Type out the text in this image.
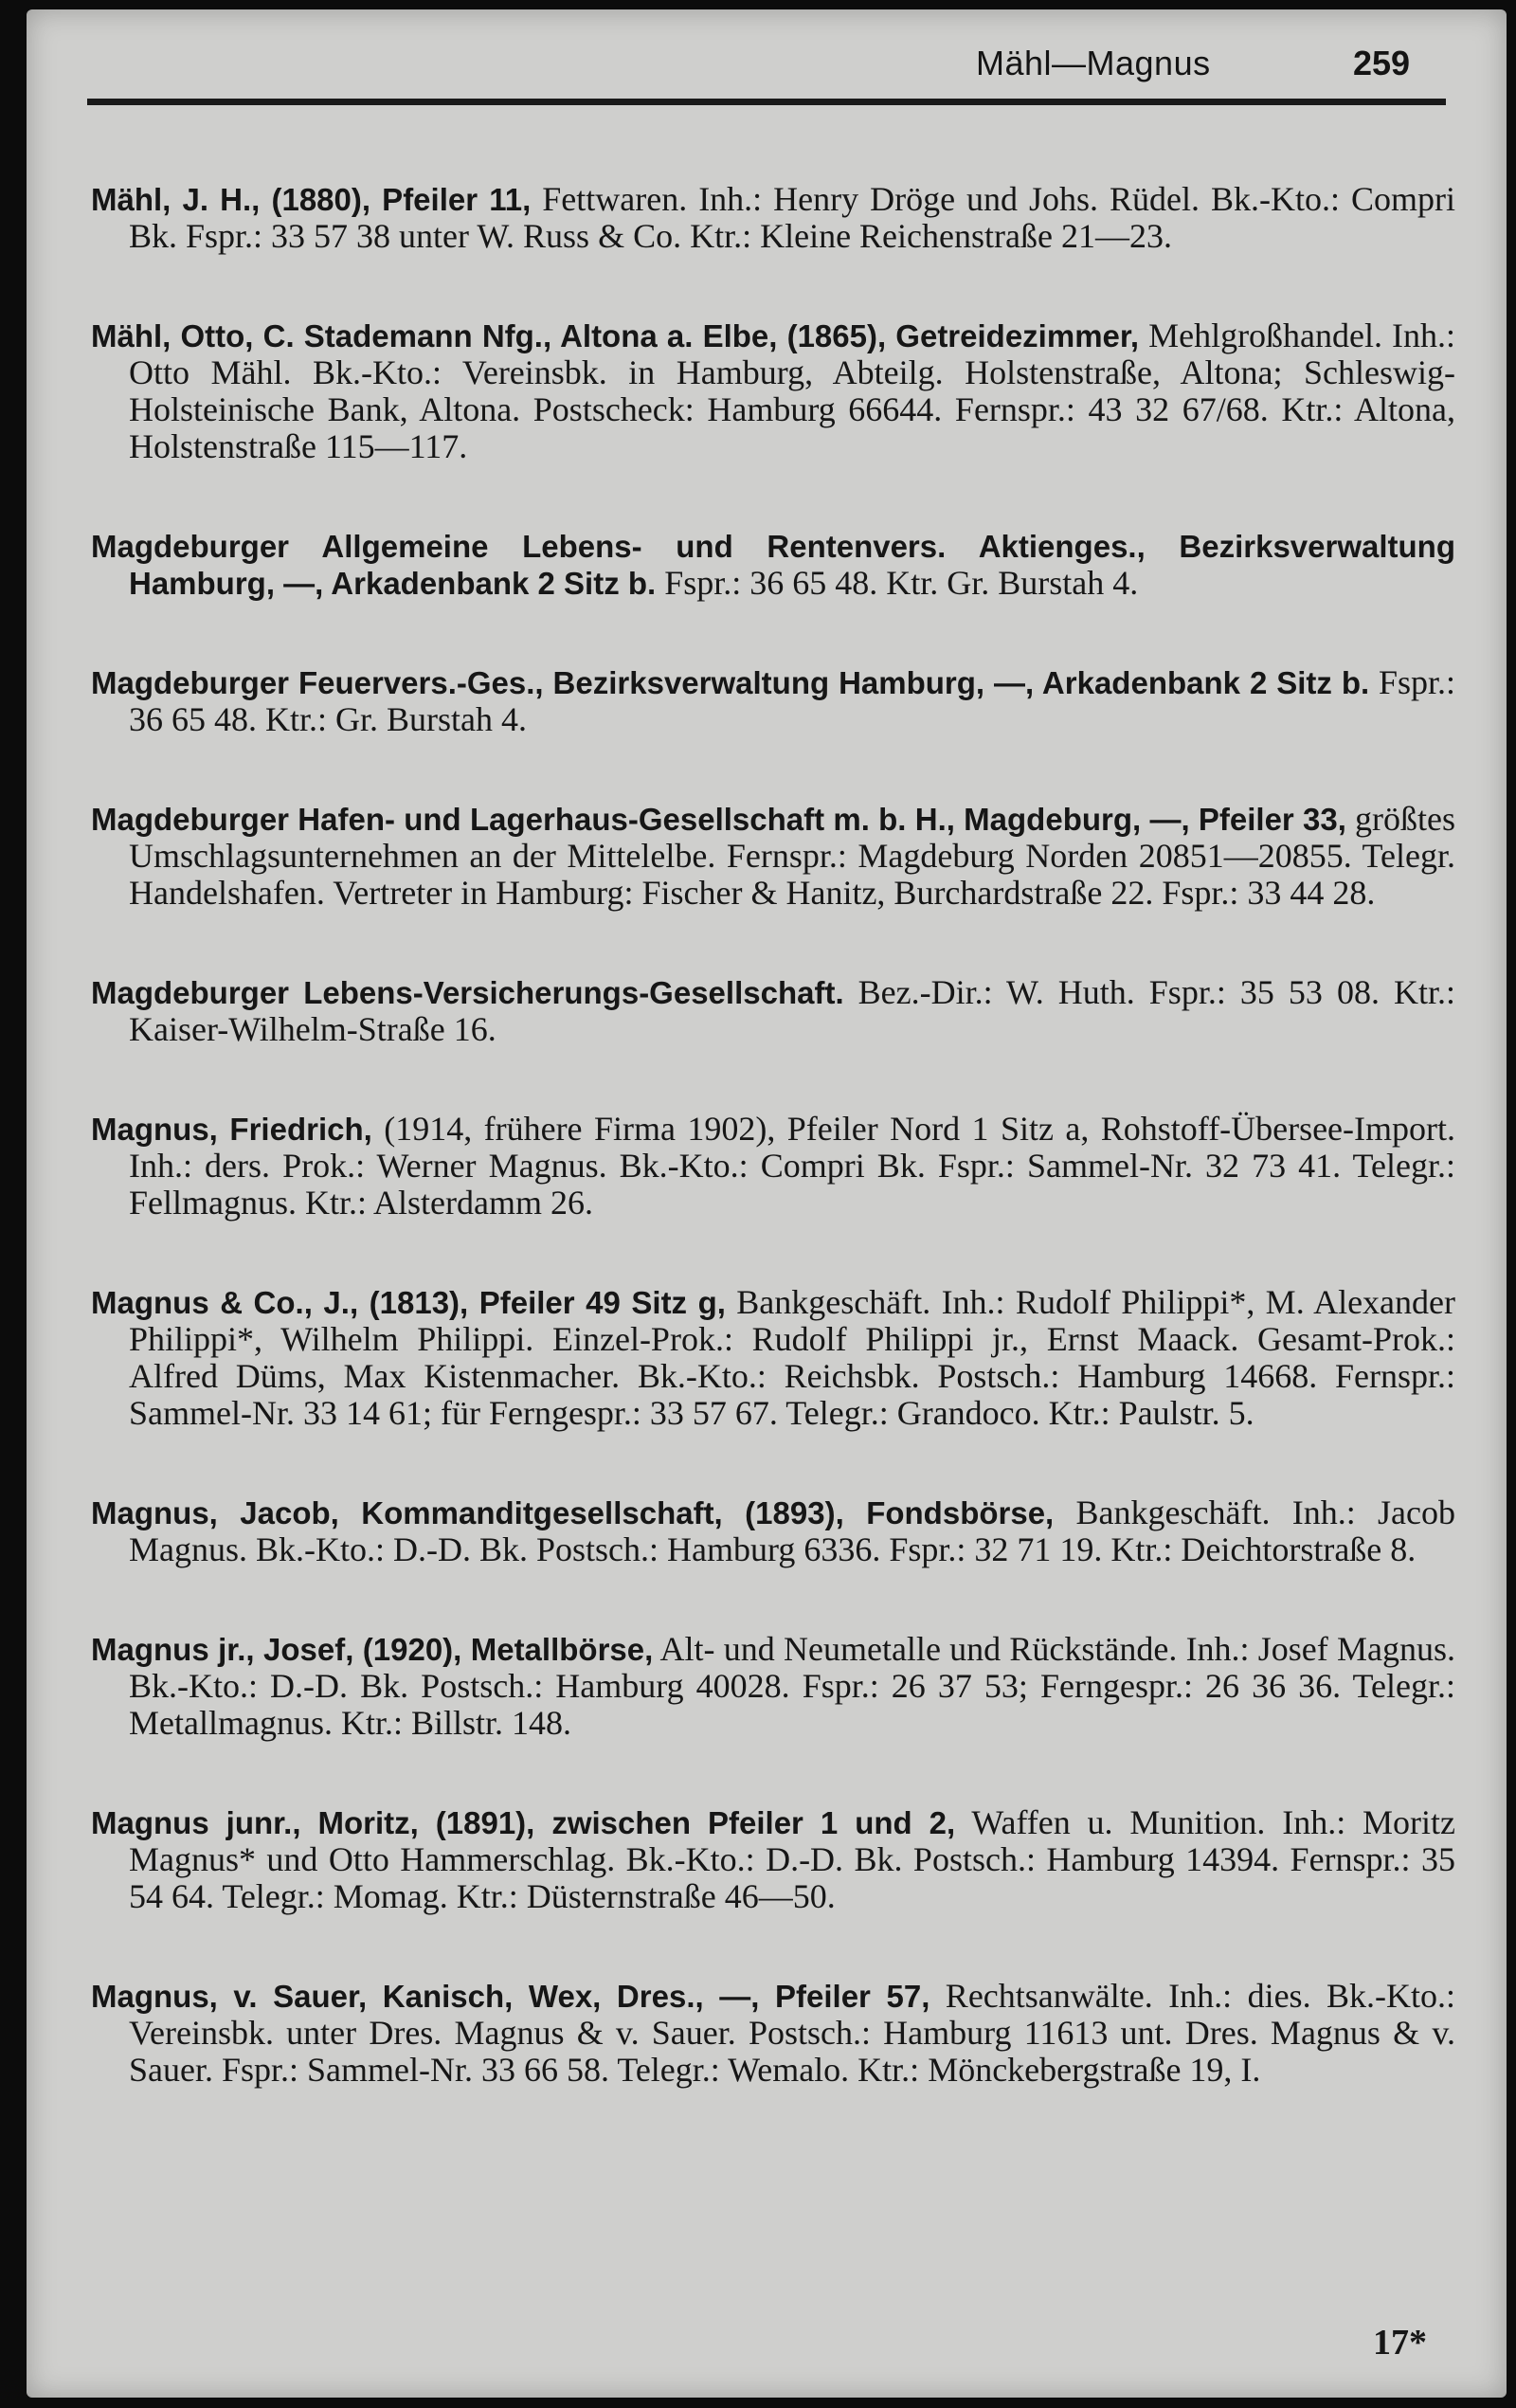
Mähl—Magnus	259

Mähl, J. H., (1880), Pfeiler 11, Fettwaren. Inh.: Henry Dröge und Johs. Rüdel. Bk.-Kto.: Compri Bk. Fspr.: 33 57 38 unter W. Russ & Co. Ktr.: Kleine Reichenstraße 21—23.

Mähl, Otto, C. Stademann Nfg., Altona a. Elbe, (1865), Getreidezimmer, Mehlgroßhandel. Inh.: Otto Mähl. Bk.-Kto.: Vereinsbk. in Hamburg, Abteilg. Holstenstraße, Altona; Schleswig-Holsteinische Bank, Altona. Postscheck: Hamburg 66644. Fernspr.: 43 32 67/68. Ktr.: Altona, Holstenstraße 115—117.

Magdeburger Allgemeine Lebens- und Rentenvers. Aktienges., Bezirksverwaltung Hamburg, —, Arkadenbank 2 Sitz b. Fspr.: 36 65 48. Ktr. Gr. Burstah 4.

Magdeburger Feuervers.-Ges., Bezirksverwaltung Hamburg, —, Arkadenbank 2 Sitz b. Fspr.: 36 65 48. Ktr.: Gr. Burstah 4.

Magdeburger Hafen- und Lagerhaus-Gesellschaft m. b. H., Magdeburg, —, Pfeiler 33, größtes Umschlagsunternehmen an der Mittelelbe. Fernspr.: Magdeburg Norden 20851—20855. Telegr. Handelshafen. Vertreter in Hamburg: Fischer & Hanitz, Burchardstraße 22. Fspr.: 33 44 28.

Magdeburger Lebens-Versicherungs-Gesellschaft. Bez.-Dir.: W. Huth. Fspr.: 35 53 08. Ktr.: Kaiser-Wilhelm-Straße 16.

Magnus, Friedrich, (1914, frühere Firma 1902), Pfeiler Nord 1 Sitz a, Rohstoff-Übersee-Import. Inh.: ders. Prok.: Werner Magnus. Bk.-Kto.: Compri Bk. Fspr.: Sammel-Nr. 32 73 41. Telegr.: Fellmagnus. Ktr.: Alsterdamm 26.

Magnus & Co., J., (1813), Pfeiler 49 Sitz g, Bankgeschäft. Inh.: Rudolf Philippi*, M. Alexander Philippi*, Wilhelm Philippi. Einzel-Prok.: Rudolf Philippi jr., Ernst Maack. Gesamt-Prok.: Alfred Düms, Max Kistenmacher. Bk.-Kto.: Reichsbk. Postsch.: Hamburg 14668. Fernspr.: Sammel-Nr. 33 14 61; für Ferngespr.: 33 57 67. Telegr.: Grandoco. Ktr.: Paulstr. 5.

Magnus, Jacob, Kommanditgesellschaft, (1893), Fondsbörse, Bankgeschäft. Inh.: Jacob Magnus. Bk.-Kto.: D.-D. Bk. Postsch.: Hamburg 6336. Fspr.: 32 71 19. Ktr.: Deichtorstraße 8.

Magnus jr., Josef, (1920), Metallbörse, Alt- und Neumetalle und Rückstände. Inh.: Josef Magnus. Bk.-Kto.: D.-D. Bk. Postsch.: Hamburg 40028. Fspr.: 26 37 53; Ferngespr.: 26 36 36. Telegr.: Metallmagnus. Ktr.: Billstr. 148.

Magnus junr., Moritz, (1891), zwischen Pfeiler 1 und 2, Waffen u. Munition. Inh.: Moritz Magnus* und Otto Hammerschlag. Bk.-Kto.: D.-D. Bk. Postsch.: Hamburg 14394. Fernspr.: 35 54 64. Telegr.: Momag. Ktr.: Düsternstraße 46—50.

Magnus, v. Sauer, Kanisch, Wex, Dres., —, Pfeiler 57, Rechtsanwälte. Inh.: dies. Bk.-Kto.: Vereinsbk. unter Dres. Magnus & v. Sauer. Postsch.: Hamburg 11613 unt. Dres. Magnus & v. Sauer. Fspr.: Sammel-Nr. 33 66 58. Telegr.: Wemalo. Ktr.: Mönckebergstraße 19, I.

17*
